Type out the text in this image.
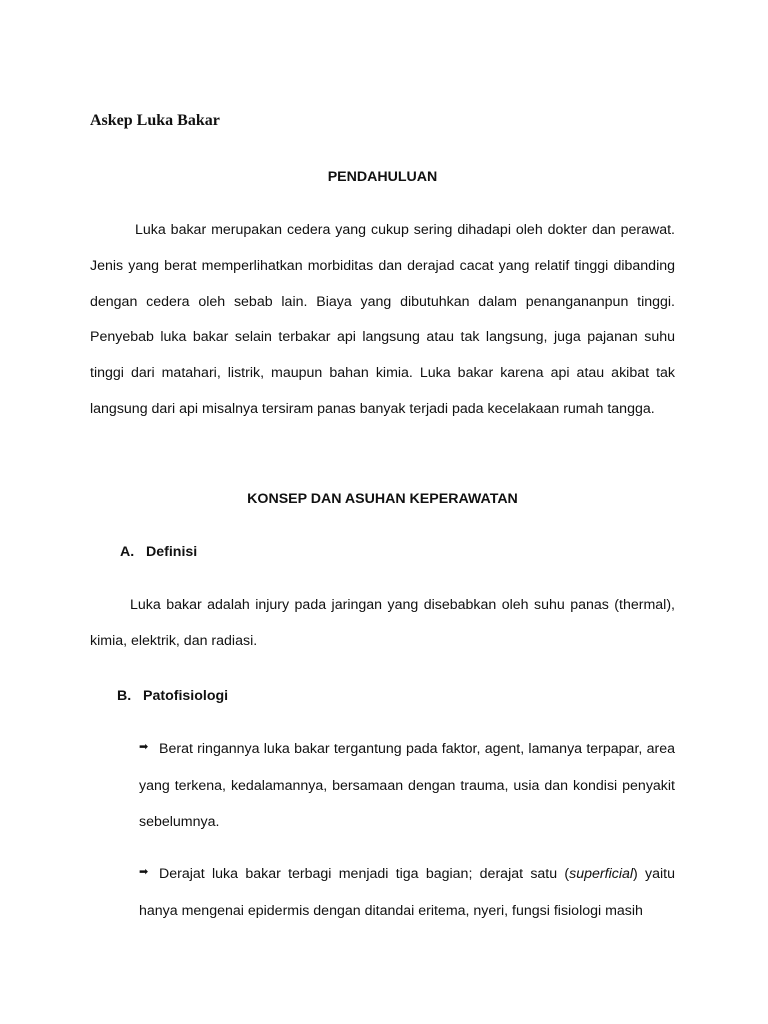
Askep Luka Bakar
PENDAHULUAN

Luka bakar merupakan cedera yang cukup sering dihadapi oleh dokter dan perawat. Jenis yang berat memperlihatkan morbiditas dan derajad cacat yang relatif tinggi dibanding dengan cedera oleh sebab lain. Biaya yang dibutuhkan dalam penangananpun tinggi. Penyebab luka bakar selain terbakar api langsung atau tak langsung, juga pajanan suhu tinggi dari matahari, listrik, maupun bahan kimia. Luka bakar karena api atau akibat tak langsung dari api misalnya tersiram panas banyak terjadi pada kecelakaan rumah tangga.

KONSEP DAN ASUHAN KEPERAWATAN
A. Definisi

Luka bakar adalah injury pada jaringan yang disebabkan oleh suhu panas (thermal), kimia, elektrik, dan radiasi.

B. Patofisiologi

➡ Berat ringannya luka bakar tergantung pada faktor, agent, lamanya terpapar, area yang terkena, kedalamannya, bersamaan dengan trauma, usia dan kondisi penyakit sebelumnya.

➡ Derajat luka bakar terbagi menjadi tiga bagian; derajat satu (superficial) yaitu hanya mengenai epidermis dengan ditandai eritema, nyeri, fungsi fisiologi masih
